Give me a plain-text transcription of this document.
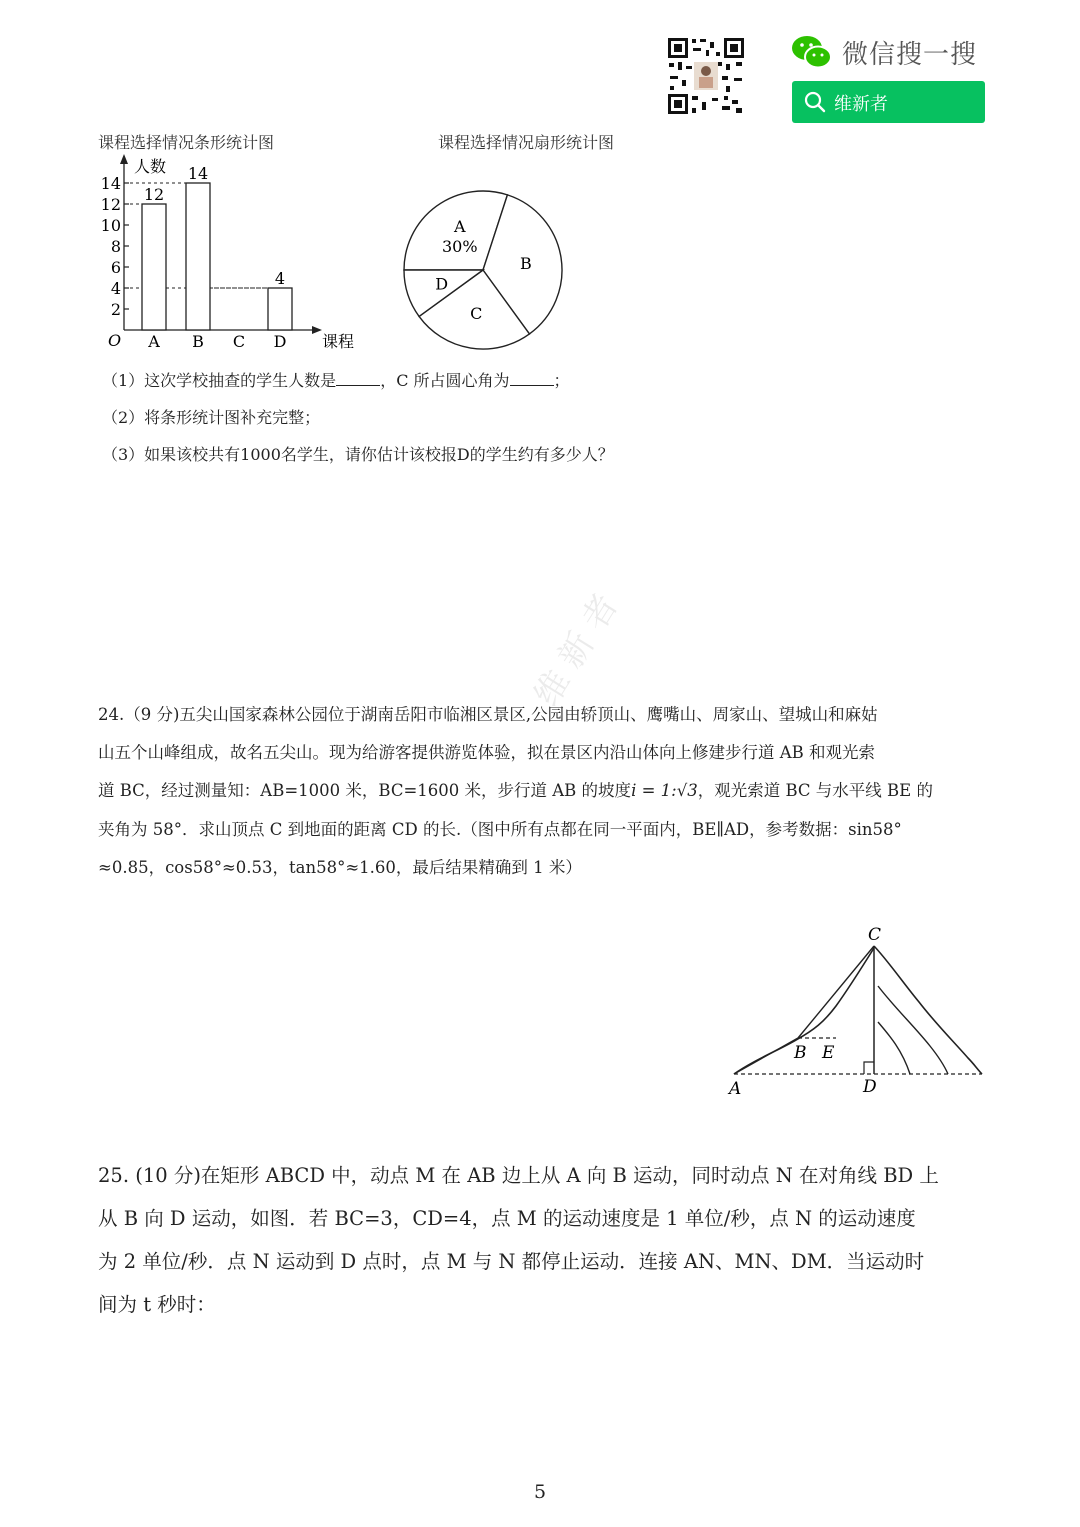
微信搜一搜
维新者
课程选择情况条形统计图	课程选择情况扇形统计图
人数
课程
O
2
4
6
8
10
12
14
12
14
4
A B C D
A
30%
B
C
D
（1）这次学校抽查的学生人数是	，C 所占圆心角为	；
（2）将条形统计图补充完整；
（3）如果该校共有1000名学生，请你估计该校报D的学生约有多少人？
维 新 者
24.（9 分)五尖山国家森林公园位于湖南岳阳市临湘区景区,公园由轿顶山、鹰嘴山、周家山、望城山和麻姑
山五个山峰组成，故名五尖山。现为给游客提供游览体验，拟在景区内沿山体向上修建步行道 AB 和观光索
道 BC，经过测量知：AB=1000 米，BC=1600 米，步行道 AB 的坡度i = 1:√3，观光索道 BC 与水平线 BE 的
夹角为 58°．求山顶点 C 到地面的距离 CD 的长.（图中所有点都在同一平面内，BE∥AD，参考数据：sin58°
≈0.85，cos58°≈0.53，tan58°≈1.60，最后结果精确到 1 米）
C
B E
A	D
25. (10 分)在矩形 ABCD 中，动点 M 在 AB 边上从 A 向 B 运动，同时动点 N 在对角线 BD 上
从 B 向 D 运动，如图．若 BC=3，CD=4，点 M 的运动速度是 1 单位/秒，点 N 的运动速度
为 2 单位/秒．点 N 运动到 D 点时，点 M 与 N 都停止运动．连接 AN、MN、DM．当运动时
间为 t 秒时：
5
